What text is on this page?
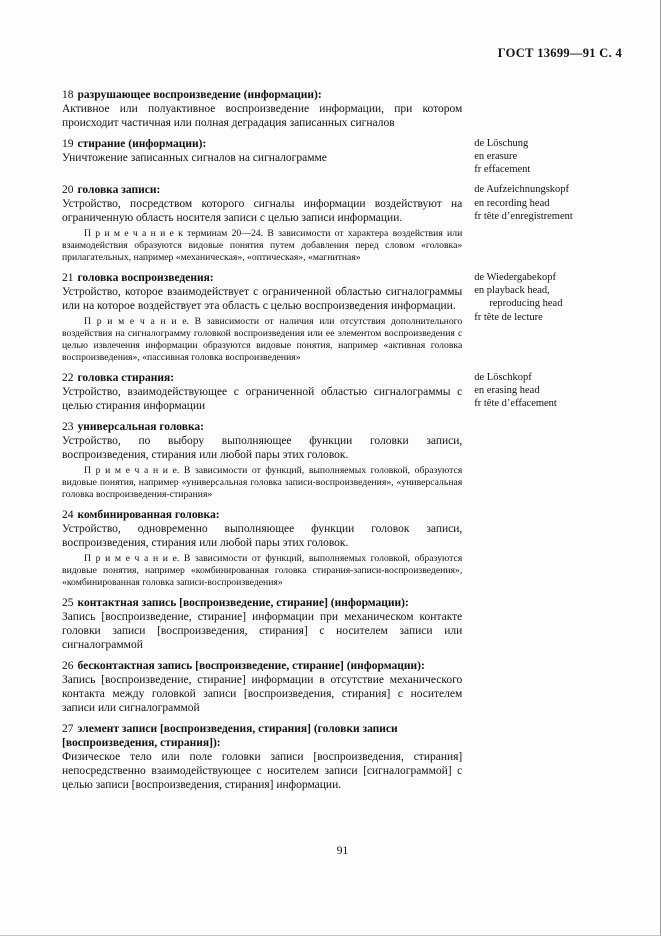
ГОСТ 13699—91 С. 4

18 разрушающее воспроизведение (информации):

Активное или полуактивное воспроизведение информации, при котором происходит частичная или полная деградация записанных сигналов

19 стирание (информации):

Уничтожение записанных сигналов на сигналограмме

de Löschung
en erasure
fr effacement

20 головка записи:

Устройство, посредством которого сигналы информации воздействуют на ограниченную область носителя записи с целью записи информации.

П р и м е ч а н и е к терминам 20—24. В зависимости от характера воздействия или взаимодействия образуются видовые понятия путем добавления перед словом «головка» прилагательных, например «механическая», «оптическая», «магнитная»

de Aufzeichnungskopf
en recording head
fr tête d’enregistrement

21 головка воспроизведения:

Устройство, которое взаимодействует с ограниченной областью сигналограммы или на которое воздействует эта область с целью воспроизведения информации.

П р и м е ч а н и е. В зависимости от наличия или отсутствия дополнительного воздействия на сигналограмму головкой воспроизведения или ее элементом воспроизведения с целью извлечения информации образуются видовые понятия, например «активная головка воспроизведения», «пассивная головка воспроизведения»

de Wiedergabekopf
en playback head,
reproducing head
fr tête de lecture

22 головка стирания:

Устройство, взаимодействующее с ограниченной областью сигналограммы с целью стирания информации

de Löschkopf
en erasing head
fr tête d’effacement

23 универсальная головка:

Устройство, по выбору выполняющее функции головки записи, воспроизведения, стирания или любой пары этих головок.

П р и м е ч а н и е. В зависимости от функций, выполняемых головкой, образуются видовые понятия, например «универсальная головка записи-воспроизведения», «универсальная головка воспроизведения-стирания»

24 комбинированная головка:

Устройство, одновременно выполняющее функции головок записи, воспроизведения, стирания или любой пары этих головок.

П р и м е ч а н и е. В зависимости от функций, выполняемых головкой, образуются видовые понятия, например «комбинированная головка стирания-записи-воспроизведения», «комбинированная головка записи-воспроизведения»

25 контактная запись [воспроизведение, стирание] (информации):

Запись [воспроизведение, стирание] информации при механическом контакте головки записи [воспроизведения, стирания] с носителем записи или сигналограммой

26 бесконтактная запись [воспроизведение, стирание] (информации):

Запись [воспроизведение, стирание] информации в отсутствие механического контакта между головкой записи [воспроизведения, стирания] с носителем записи или сигналограммой

27 элемент записи [воспроизведения, стирания] (головки записи [воспроизведения, стирания]):

Физическое тело или поле головки записи [воспроизведения, стирания] непосредственно взаимодействующее с носителем записи [сигналограммой] с целью записи [воспроизведения, стирания] информации.

91
